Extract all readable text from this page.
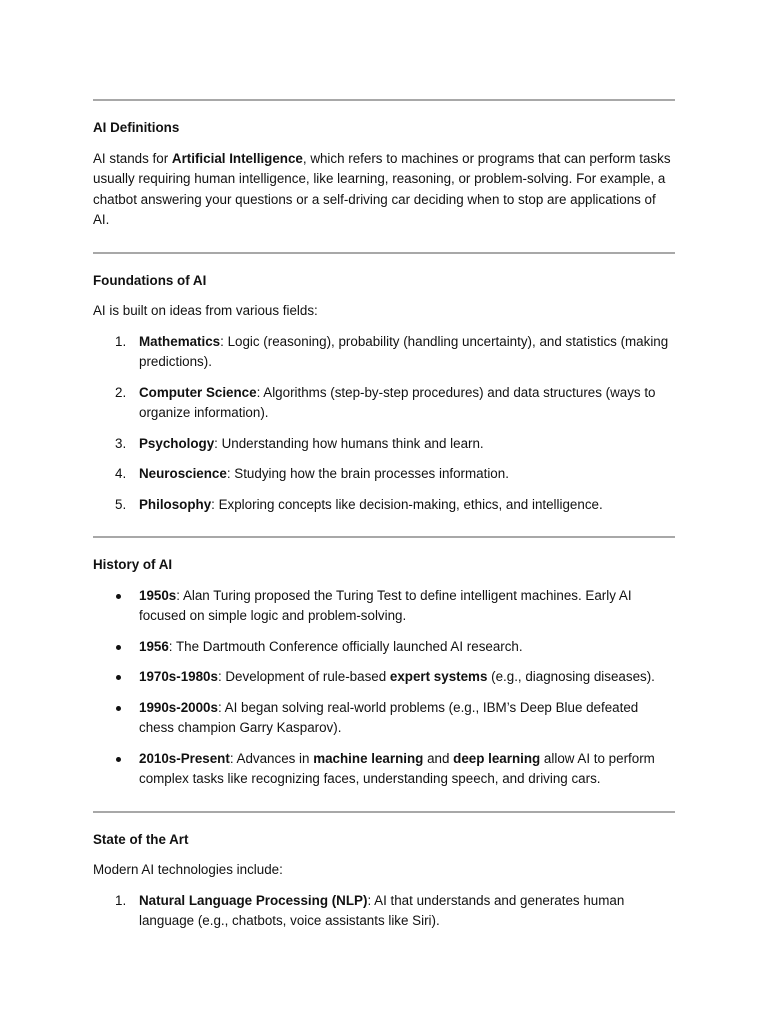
AI Definitions

AI stands for Artificial Intelligence, which refers to machines or programs that can perform tasks usually requiring human intelligence, like learning, reasoning, or problem-solving. For example, a chatbot answering your questions or a self-driving car deciding when to stop are applications of AI.

Foundations of AI

AI is built on ideas from various fields:

1. Mathematics: Logic (reasoning), probability (handling uncertainty), and statistics (making predictions).
2. Computer Science: Algorithms (step-by-step procedures) and data structures (ways to organize information).
3. Psychology: Understanding how humans think and learn.
4. Neuroscience: Studying how the brain processes information.
5. Philosophy: Exploring concepts like decision-making, ethics, and intelligence.
History of AI
1950s: Alan Turing proposed the Turing Test to define intelligent machines. Early AI focused on simple logic and problem-solving.
1956: The Dartmouth Conference officially launched AI research.
1970s-1980s: Development of rule-based expert systems (e.g., diagnosing diseases).
1990s-2000s: AI began solving real-world problems (e.g., IBM’s Deep Blue defeated chess champion Garry Kasparov).
2010s-Present: Advances in machine learning and deep learning allow AI to perform complex tasks like recognizing faces, understanding speech, and driving cars.
State of the Art

Modern AI technologies include:

1. Natural Language Processing (NLP): AI that understands and generates human language (e.g., chatbots, voice assistants like Siri).
